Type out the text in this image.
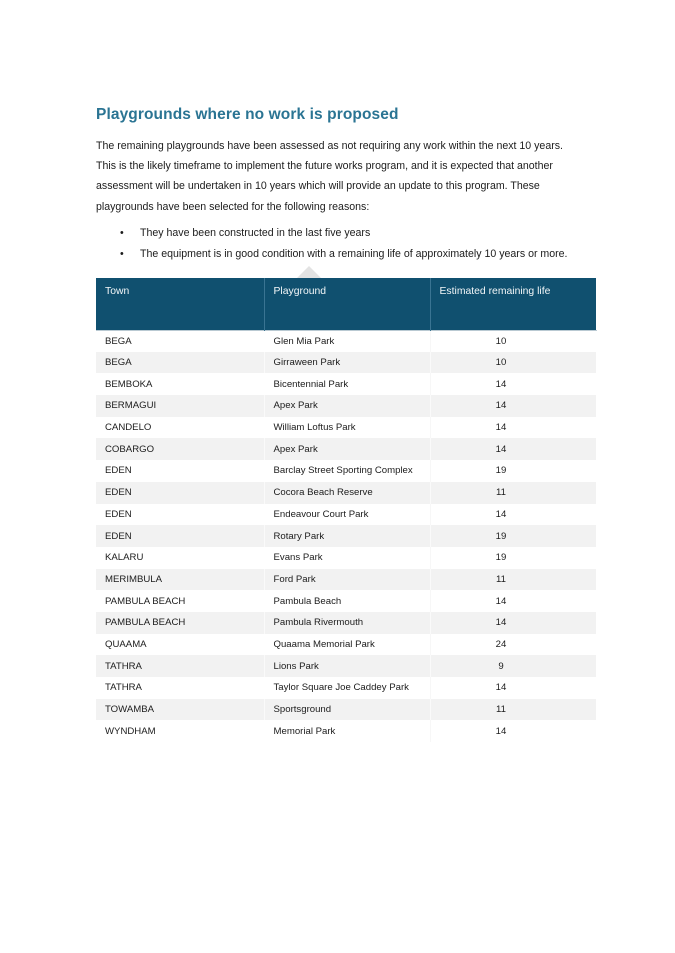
Playgrounds where no work is proposed

The remaining playgrounds have been assessed as not requiring any work within the next 10 years. This is the likely timeframe to implement the future works program, and it is expected that another assessment will be undertaken in 10 years which will provide an update to this program. These playgrounds have been selected for the following reasons:

• They have been constructed in the last five years
• The equipment is in good condition with a remaining life of approximately 10 years or more.
Town	Playground	Estimated remaining life
BEGA	Glen Mia Park	10
BEGA	Girraween Park	10
BEMBOKA	Bicentennial Park	14
BERMAGUI	Apex Park	14
CANDELO	William Loftus Park	14
COBARGO	Apex Park	14
EDEN	Barclay Street Sporting Complex	19
EDEN	Cocora Beach Reserve	11
EDEN	Endeavour Court Park	14
EDEN	Rotary Park	19
KALARU	Evans Park	19
MERIMBULA	Ford Park	11
PAMBULA BEACH	Pambula Beach	14
PAMBULA BEACH	Pambula Rivermouth	14
QUAAMA	Quaama Memorial Park	24
TATHRA	Lions Park	9
TATHRA	Taylor Square Joe Caddey Park	14
TOWAMBA	Sportsground	11
WYNDHAM	Memorial Park	14
